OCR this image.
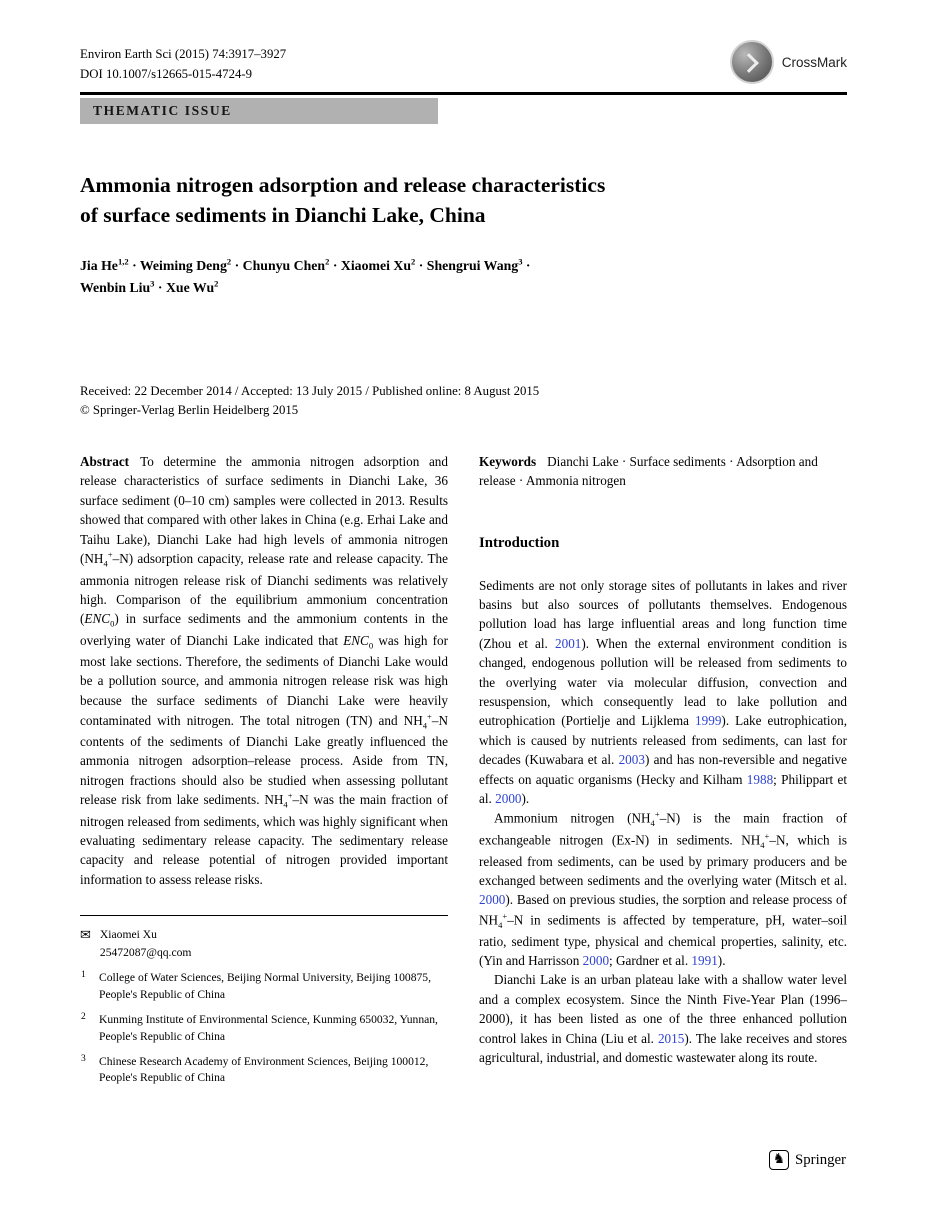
Environ Earth Sci (2015) 74:3917–3927
DOI 10.1007/s12665-015-4724-9
CrossMark
THEMATIC ISSUE
Ammonia nitrogen adsorption and release characteristics
of surface sediments in Dianchi Lake, China
Jia He$^{1,2}$ · Weiming Deng$^2$ · Chunyu Chen$^2$ · Xiaomei $Xu^2$ · Shengrui Wang$^3$ ·
Wenbin Liu$^3$ · Xue Wu$^2$
Received: 22 December 2014 / Accepted: 13 July 2015 / Published online: 8 August 2015
© Springer-Verlag Berlin Heidelberg 2015

Abstract To determine the ammonia nitrogen adsorption and release characteristics of surface sediments in Dianchi Lake, 36 surface sediment (0–10 cm) samples were collected in 2013. Results showed that compared with other lakes in China (e.g. Erhai Lake and Taihu Lake), Dianchi Lake had high levels of ammonia nitrogen $(NH_4^+-N)$ adsorption capacity, release rate and release capacity. The ammonia nitrogen release risk of Dianchi sediments was relatively high. Comparison of the equilibrium ammonium concentration $(ENC_0)$ in surface sediments and the ammonium contents in the overlying water of Dianchi Lake indicated that $ENC_0$ was high for most lake sections. Therefore, the sediments of Dianchi Lake would be a pollution source, and ammonia nitrogen release risk was high because the surface sediments of Dianchi Lake were heavily contaminated with nitrogen. The total nitrogen (TN) and $NH_4^+-N$ contents of the sediments of Dianchi Lake greatly influenced the ammonia nitrogen adsorption–release process. Aside from TN, nitrogen fractions should also be studied when assessing pollutant release risk from lake sediments. $NH_4^+-N$ was the main fraction of nitrogen released from sediments, which was highly significant when evaluating sedimentary release capacity. The sedimentary release capacity and release potential of nitrogen provided important information to assess release risks.

✉ Xiaomei Xu
25472087@qq.com
1	College of Water Sciences, Beijing Normal University, Beijing 100875, People's Republic of China
2	Kunming Institute of Environmental Science, Kunming 650032, Yunnan, People's Republic of China
3	Chinese Research Academy of Environment Sciences, Beijing 100012, People's Republic of China

Keywords Dianchi Lake · Surface sediments · Adsorption and release · Ammonia nitrogen

Introduction

Sediments are not only storage sites of pollutants in lakes and river basins but also sources of pollutants themselves. Endogenous pollution load has large influential areas and long function time (Zhou et al. 2001). When the external environment condition is changed, endogenous pollution will be released from sediments to the overlying water via molecular diffusion, convection and resuspension, which consequently lead to lake pollution and eutrophication (Portielje and Lijklema 1999). Lake eutrophication, which is caused by nutrients released from sediments, can last for decades (Kuwabara et al. 2003) and has non-reversible and negative effects on aquatic organisms (Hecky and Kilham 1988; Philippart et al. 2000).

Ammonium nitrogen $(NH_4^+-N)$ is the main fraction of exchangeable nitrogen (Ex-N) in sediments. $NH_4^+-N$, which is released from sediments, can be used by primary producers and be exchanged between sediments and the overlying water (Mitsch et al. 2000). Based on previous studies, the sorption and release process of $NH_4^+-N$ in sediments is affected by temperature, pH, water–soil ratio, sediment type, physical and chemical properties, salinity, etc. (Yin and Harrisson 2000; Gardner et al. 1991).

Dianchi Lake is an urban plateau lake with a shallow water level and a complex ecosystem. Since the Ninth Five-Year Plan (1996–2000), it has been listed as one of the three enhanced pollution control lakes in China (Liu et al. 2015). The lake receives and stores agricultural, industrial, and domestic wastewater along its route.

♞ Springer
